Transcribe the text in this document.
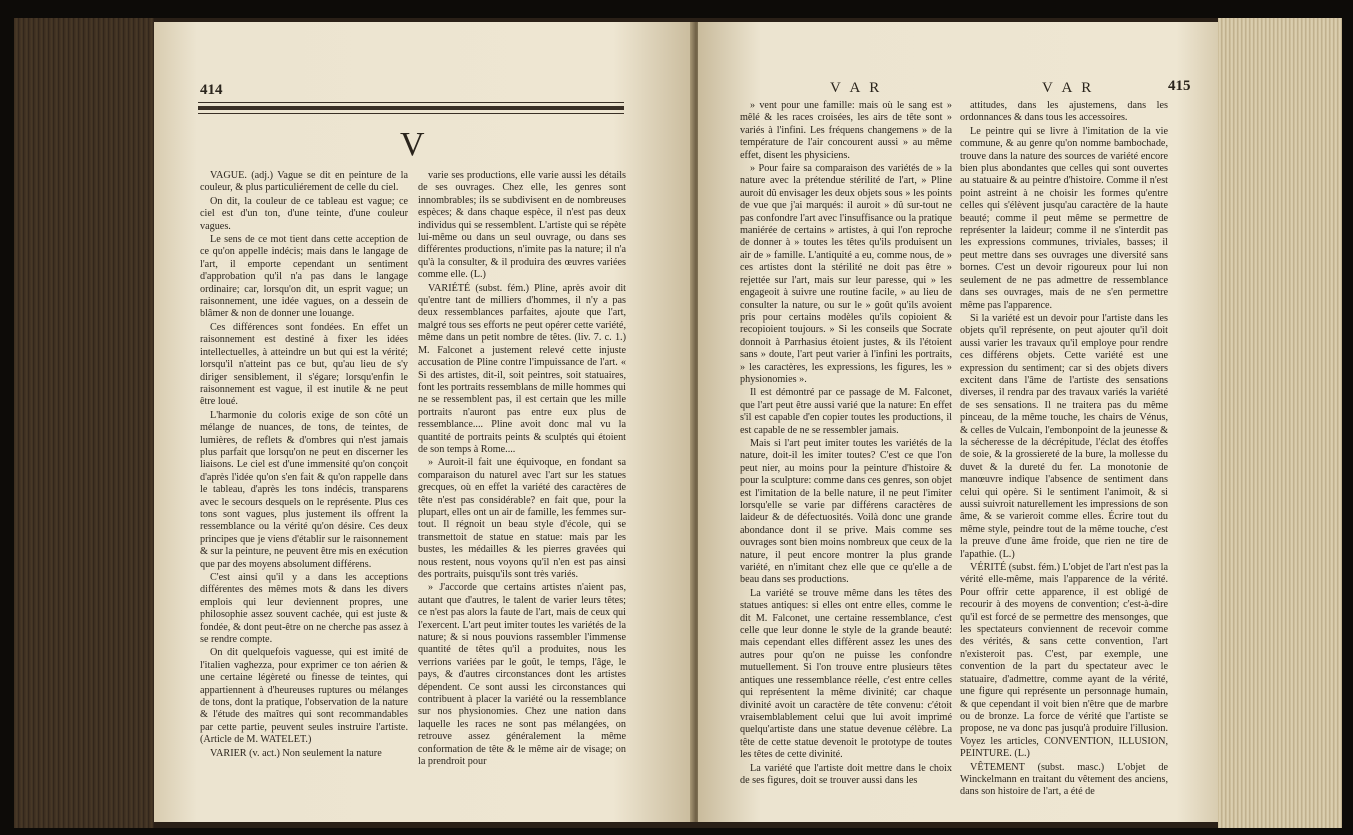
414
V

VAGUE. (adj.) Vague se dit en peinture de la couleur, & plus particuliérement de celle du ciel.

On dit, la couleur de ce tableau est vague; ce ciel est d'un ton, d'une teinte, d'une couleur vagues.

Le sens de ce mot tient dans cette acception de ce qu'on appelle indécis; mais dans le langage de l'art, il emporte cependant un sentiment d'approbation qu'il n'a pas dans le langage ordinaire; car, lorsqu'on dit, un esprit vague; un raisonnement, une idée vagues, on a dessein de blâmer & non de donner une louange.

Ces différences sont fondées. En effet un raisonnement est destiné à fixer les idées intellectuelles, à atteindre un but qui est la vérité; lorsqu'il n'atteint pas ce but, qu'au lieu de s'y diriger sensiblement, il s'égare; lorsqu'enfin le raisonnement est vague, il est inutile & ne peut être loué.

L'harmonie du coloris exige de son côté un mélange de nuances, de tons, de teintes, de lumières, de reflets & d'ombres qui n'est jamais plus parfait que lorsqu'on ne peut en discerner les liaisons. Le ciel est d'une immensité qu'on conçoit d'après l'idée qu'on s'en fait & qu'on rappelle dans le tableau, d'après les tons indécis, transparens avec le secours desquels on le représente. Plus ces tons sont vagues, plus justement ils offrent la ressemblance ou la vérité qu'on désire. Ces deux principes que je viens d'établir sur le raisonnement & sur la peinture, ne peuvent être mis en exécution que par des moyens absolument différens.

C'est ainsi qu'il y a dans les acceptions différentes des mêmes mots & dans les divers emplois qui leur deviennent propres, une philosophie assez souvent cachée, qui est juste & fondée, & dont peut-être on ne cherche pas assez à se rendre compte.

On dit quelquefois vaguesse, qui est imité de l'italien vaghezza, pour exprimer ce ton aérien & une certaine légèreté ou finesse de teintes, qui appartiennent à d'heureuses ruptures ou mélanges de tons, dont la pratique, l'observation de la nature & l'étude des maîtres qui sont recommandables par cette partie, peuvent seules instruire l'artiste. (Article de M. WATELET.)

VARIER (v. act.) Non seulement la nature

varie ses productions, elle varie aussi les détails de ses ouvrages. Chez elle, les genres sont innombrables; ils se subdivisent en de nombreuses espèces; & dans chaque espèce, il n'est pas deux individus qui se ressemblent. L'artiste qui se répète lui-même ou dans un seul ouvrage, ou dans ses différentes productions, n'imite pas la nature; il n'a qu'à la consulter, & il produira des œuvres variées comme elle. (L.)

VARIÉTÉ (subst. fém.) Pline, après avoir dit qu'entre tant de milliers d'hommes, il n'y a pas deux ressemblances parfaites, ajoute que l'art, malgré tous ses efforts ne peut opérer cette variété, même dans un petit nombre de têtes. (liv. 7. c. 1.) M. Falconet a justement relevé cette injuste accusation de Pline contre l'impuissance de l'art. « Si des artistes, dit-il, soit peintres, soit statuaires, font les portraits ressemblans de mille hommes qui ne se ressemblent pas, il est certain que les mille portraits n'auront pas entre eux plus de ressemblance.... Pline avoit donc mal vu la quantité de portraits peints & sculptés qui étoient de son temps à Rome....

» Auroit-il fait une équivoque, en fondant sa comparaison du naturel avec l'art sur les statues grecques, où en effet la variété des caractères de tête n'est pas considérable? en fait que, pour la plupart, elles ont un air de famille, les femmes sur-tout. Il régnoit un beau style d'école, qui se transmettoit de statue en statue: mais par les bustes, les médailles & les pierres gravées qui nous restent, nous voyons qu'il n'en est pas ainsi des portraits, puisqu'ils sont très variés.

» J'accorde que certains artistes n'aient pas, autant que d'autres, le talent de varier leurs têtes; ce n'est pas alors la faute de l'art, mais de ceux qui l'exercent. L'art peut imiter toutes les variétés de la nature; & si nous pouvions rassembler l'immense quantité de têtes qu'il a produites, nous les verrions variées par le goût, le temps, l'âge, le pays, & d'autres circonstances dont les artistes dépendent. Ce sont aussi les circonstances qui contribuent à placer la variété ou la ressemblance sur nos physionomies. Chez une nation dans laquelle les races ne sont pas mélangées, on retrouve assez généralement la même conformation de tête & le même air de visage; on la prendroit pour

V A R	V A R	415

» vent pour une famille: mais où le sang est » mêlé & les races croisées, les airs de tête sont » variés à l'infini. Les fréquens changemens » de la température de l'air concourent aussi » au même effet, disent les physiciens.

» Pour faire sa comparaison des variétés de » la nature avec la prétendue stérilité de l'art, » Pline auroit dû envisager les deux objets sous » les points de vue que j'ai marqués: il auroit » dû sur-tout ne pas confondre l'art avec l'insuffisance ou la pratique maniérée de certains » artistes, à qui l'on reproche de donner à » toutes les têtes qu'ils produisent un air de » famille. L'antiquité a eu, comme nous, de » ces artistes dont la stérilité ne doit pas être » rejettée sur l'art, mais sur leur paresse, qui » les engageoit à suivre une routine facile, » au lieu de consulter la nature, ou sur le » goût qu'ils avoient pris pour certains modèles qu'ils copioient & recopioient toujours. » Si les conseils que Socrate donnoit à Parrhasius étoient justes, & ils l'étoient sans » doute, l'art peut varier à l'infini les portraits, » les caractères, les expressions, les figures, les » physionomies ».

Il est démontré par ce passage de M. Falconet, que l'art peut être aussi varié que la nature: En effet s'il est capable d'en copier toutes les productions, il est capable de ne se ressembler jamais.

Mais si l'art peut imiter toutes les variétés de la nature, doit-il les imiter toutes? C'est ce que l'on peut nier, au moins pour la peinture d'histoire & pour la sculpture: comme dans ces genres, son objet est l'imitation de la belle nature, il ne peut l'imiter lorsqu'elle se varie par différens caractères de laideur & de défectuosités. Voilà donc une grande abondance dont il se prive. Mais comme ses ouvrages sont bien moins nombreux que ceux de la nature, il peut encore montrer la plus grande variété, en n'imitant chez elle que ce qu'elle a de beau dans ses productions.

La variété se trouve même dans les têtes des statues antiques: si elles ont entre elles, comme le dit M. Falconet, une certaine ressemblance, c'est celle que leur donne le style de la grande beauté: mais cependant elles diffèrent assez les unes des autres pour qu'on ne puisse les confondre mutuellement. Si l'on trouve entre plusieurs têtes antiques une ressemblance réelle, c'est entre celles qui représentent la même divinité; car chaque divinité avoit un caractère de tête convenu: c'étoit vraisemblablement celui que lui avoit imprimé quelqu'artiste dans une statue devenue célèbre. La tête de cette statue devenoit le prototype de toutes les têtes de cette divinité.

La variété que l'artiste doit mettre dans le choix de ses figures, doit se trouver aussi dans les

attitudes, dans les ajustemens, dans les ordonnances & dans tous les accessoires.

Le peintre qui se livre à l'imitation de la vie commune, & au genre qu'on nomme bambochade, trouve dans la nature des sources de variété encore bien plus abondantes que celles qui sont ouvertes au statuaire & au peintre d'histoire. Comme il n'est point astreint à ne choisir les formes qu'entre celles qui s'élèvent jusqu'au caractère de la haute beauté; comme il peut même se permettre de représenter la laideur; comme il ne s'interdit pas les expressions communes, triviales, basses; il peut mettre dans ses ouvrages une diversité sans bornes. C'est un devoir rigoureux pour lui non seulement de ne pas admettre de ressemblance dans ses ouvrages, mais de ne s'en permettre même pas l'apparence.

Si la variété est un devoir pour l'artiste dans les objets qu'il représente, on peut ajouter qu'il doit aussi varier les travaux qu'il employe pour rendre ces différens objets. Cette variété est une expression du sentiment; car si des objets divers excitent dans l'âme de l'artiste des sensations diverses, il rendra par des travaux variés la variété de ses sensations. Il ne traitera pas du même pinceau, de la même touche, les chairs de Vénus, & celles de Vulcain, l'embonpoint de la jeunesse & la sécheresse de la décrépitude, l'éclat des étoffes de soie, & la grossiereté de la bure, la mollesse du duvet & la dureté du fer. La monotonie de manœuvre indique l'absence de sentiment dans celui qui opère. Si le sentiment l'animoit, & si aussi suivroit naturellement les impressions de son âme, & se varieroit comme elles. Écrire tout du même style, peindre tout de la même touche, c'est la preuve d'une âme froide, que rien ne tire de l'apathie. (L.)

VÉRITÉ (subst. fém.) L'objet de l'art n'est pas la vérité elle-même, mais l'apparence de la vérité. Pour offrir cette apparence, il est obligé de recourir à des moyens de convention; c'est-à-dire qu'il est forcé de se permettre des mensonges, que les spectateurs conviennent de recevoir comme des vérités, & sans cette convention, l'art n'existeroit pas. C'est, par exemple, une convention de la part du spectateur avec le statuaire, d'admettre, comme ayant de la vérité, une figure qui représente un personnage humain, & que cependant il voit bien n'être que de marbre ou de bronze. La force de vérité que l'artiste se propose, ne va donc pas jusqu'à produire l'illusion. Voyez les articles, CONVENTION, ILLUSION, PEINTURE. (L.)

VÊTEMENT (subst. masc.) L'objet de Winckelmann en traitant du vêtement des anciens, dans son histoire de l'art, a été de
